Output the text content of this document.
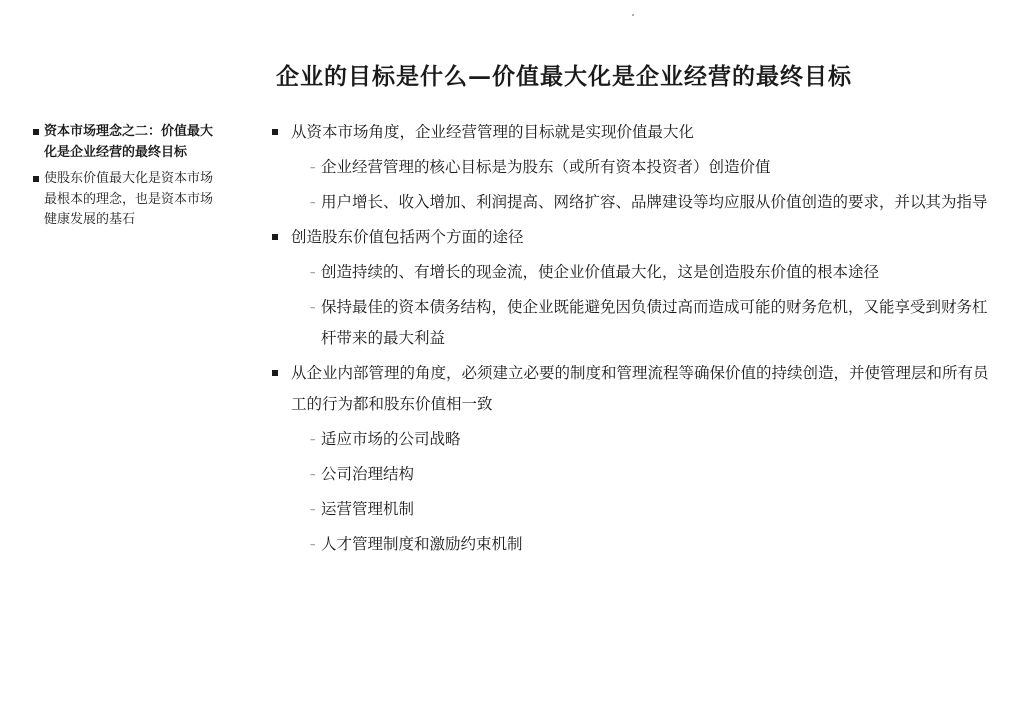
企业的目标是什么—价值最大化是企业经营的最终目标
资本市场理念之二：价值最大化是企业经营的最终目标
使股东价值最大化是资本市场最根本的理念，也是资本市场健康发展的基石
从资本市场角度，企业经营管理的目标就是实现价值最大化
– 企业经营管理的核心目标是为股东（或所有资本投资者）创造价值
– 用户增长、收入增加、利润提高、网络扩容、品牌建设等均应服从价值创造的要求，并以其为指导
创造股东价值包括两个方面的途径
– 创造持续的、有增长的现金流，使企业价值最大化，这是创造股东价值的根本途径
– 保持最佳的资本债务结构，使企业既能避免因负债过高而造成可能的财务危机，又能享受到财务杠杆带来的最大利益
从企业内部管理的角度，必须建立必要的制度和管理流程等确保价值的持续创造，并使管理层和所有员工的行为都和股东价值相一致
– 适应市场的公司战略
– 公司治理结构
– 运营管理机制
– 人才管理制度和激励约束机制
